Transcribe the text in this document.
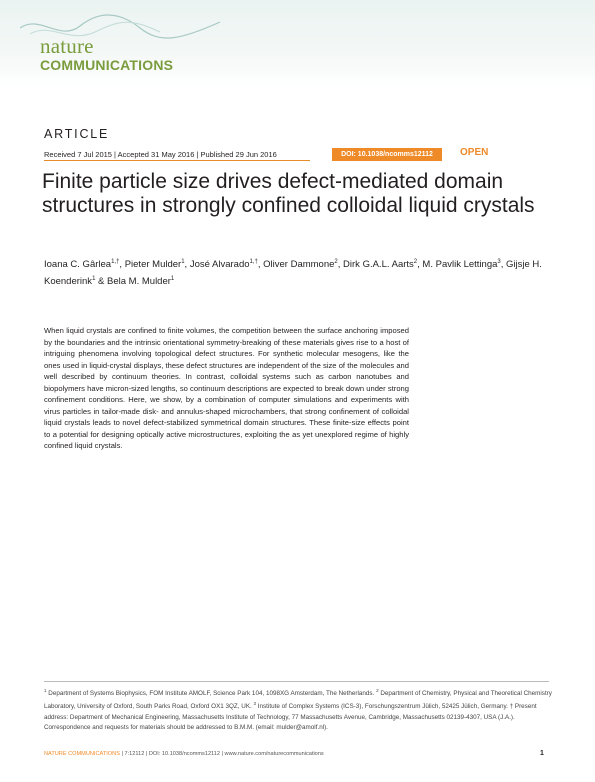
nature
COMMUNICATIONS
ARTICLE
Received 7 Jul 2015 | Accepted 31 May 2016 | Published 29 Jun 2016	DOI: 10.1038/ncomms12112	OPEN
Finite particle size drives defect-mediated domain structures in strongly confined colloidal liquid crystals
Ioana C. Gârlea$^{1,\dagger}$, Pieter Mulder$^1$, José Alvarado$^{1,\dagger}$, Oliver Dammone$^2$, Dirk G.A.L. Aarts$^2$, M. Pavlik Lettinga$^3$, Gijsje H. Koenderink$^1$ & Bela M. Mulder$^1$
When liquid crystals are confined to finite volumes, the competition between the surface anchoring imposed by the boundaries and the intrinsic orientational symmetry-breaking of these materials gives rise to a host of intriguing phenomena involving topological defect structures. For synthetic molecular mesogens, like the ones used in liquid-crystal displays, these defect structures are independent of the size of the molecules and well described by continuum theories. In contrast, colloidal systems such as carbon nanotubes and biopolymers have micron-sized lengths, so continuum descriptions are expected to break down under strong confinement conditions. Here, we show, by a combination of computer simulations and experiments with virus particles in tailor-made disk- and annulus-shaped microchambers, that strong confinement of colloidal liquid crystals leads to novel defect-stabilized symmetrical domain structures. These finite-size effects point to a potential for designing optically active microstructures, exploiting the as yet unexplored regime of highly confined liquid crystals.
$^1$ Department of Systems Biophysics, FOM Institute AMOLF, Science Park 104, 1098XG Amsterdam, The Netherlands. $^2$ Department of Chemistry, Physical and Theoretical Chemistry Laboratory, University of Oxford, South Parks Road, Oxford OX1 3QZ, UK. $^3$ Institute of Complex Systems (ICS-3), Forschungszentrum Jülich, 52425 Jülich, Germany. † Present address: Department of Mechanical Engineering, Massachusetts Institute of Technology, 77 Massachusetts Avenue, Cambridge, Massachusetts 02139-4307, USA (J.A.). Correspondence and requests for materials should be addressed to B.M.M. (email: mulder@amolf.nl).
NATURE COMMUNICATIONS | 7:12112 | DOI: 10.1038/ncomms12112 | www.nature.com/naturecommunications	1
